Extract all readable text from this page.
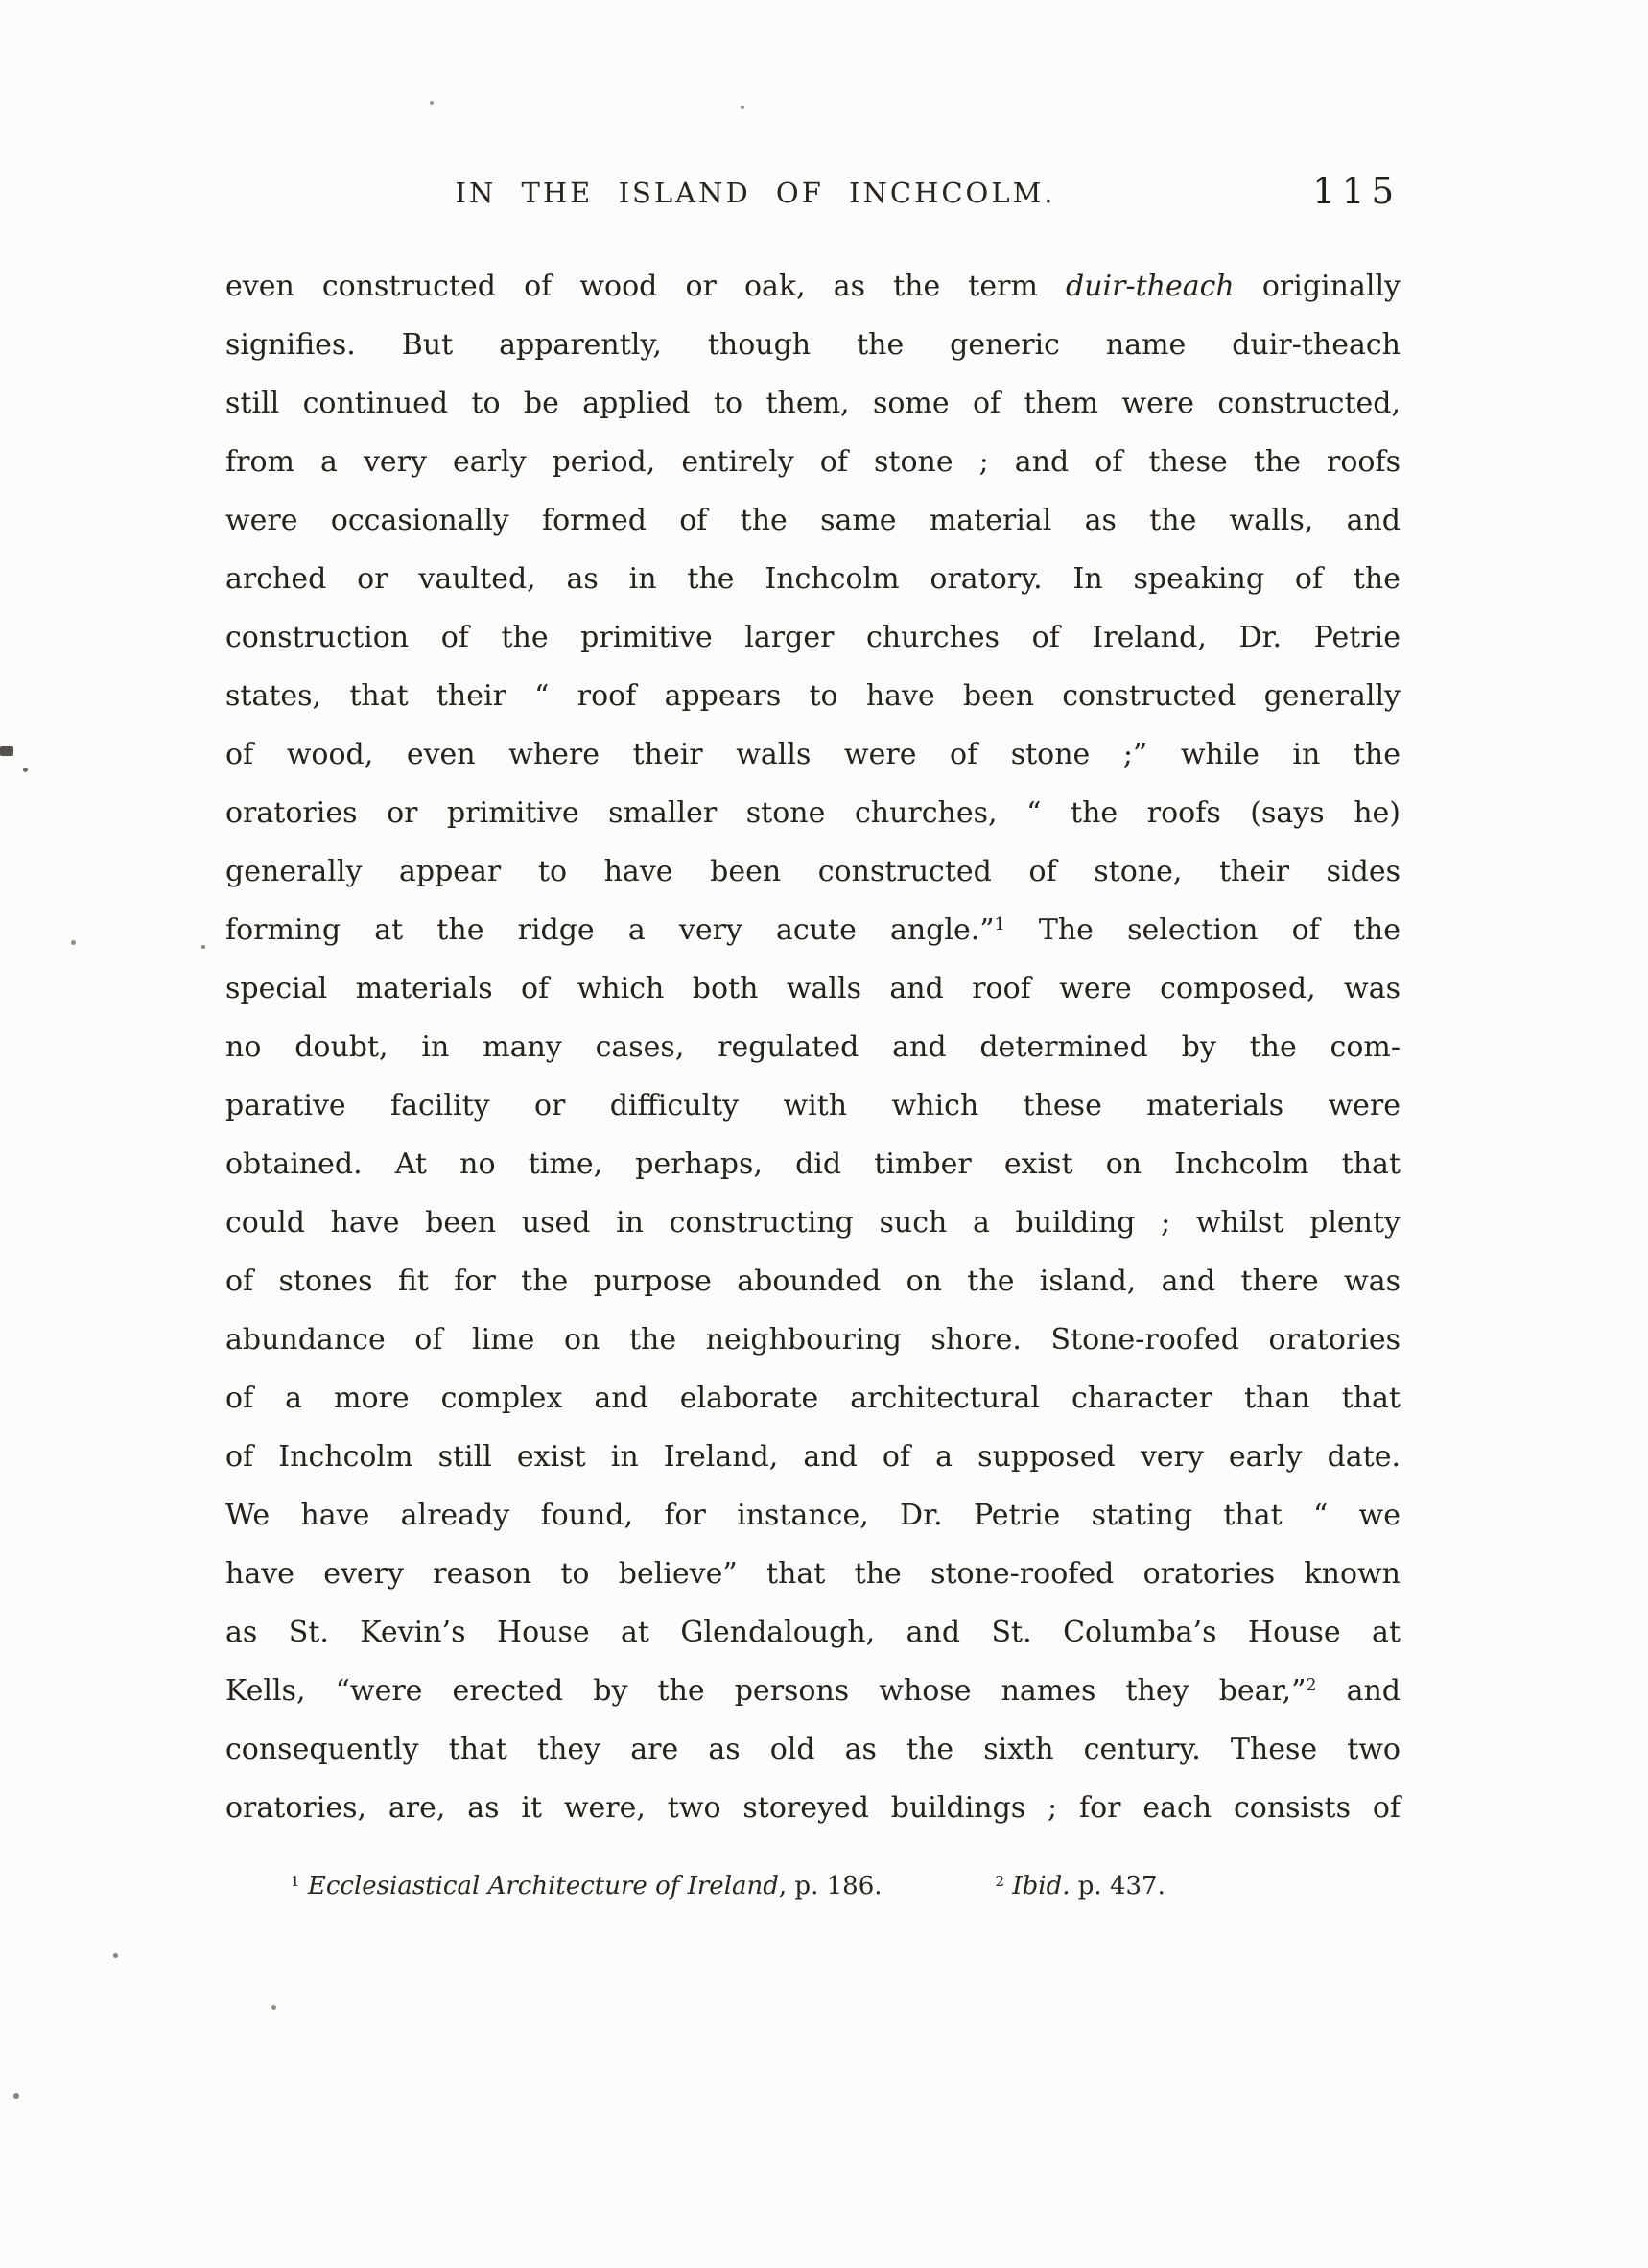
IN THE ISLAND OF INCHCOLM.	115
even constructed of wood or oak, as the term duir-theach originally
signifies. But apparently, though the generic name duir-theach
still continued to be applied to them, some of them were constructed,
from a very early period, entirely of stone ; and of these the roofs
were occasionally formed of the same material as the walls, and
arched or vaulted, as in the Inchcolm oratory. In speaking of the
construction of the primitive larger churches of Ireland, Dr. Petrie
states, that their “ roof appears to have been constructed generally
of wood, even where their walls were of stone ;” while in the
oratories or primitive smaller stone churches, “ the roofs (says he)
generally appear to have been constructed of stone, their sides
forming at the ridge a very acute angle.”$^1$ The selection of the
special materials of which both walls and roof were composed, was
no doubt, in many cases, regulated and determined by the com-
parative facility or difficulty with which these materials were
obtained. At no time, perhaps, did timber exist on Inchcolm that
could have been used in constructing such a building ; whilst plenty
of stones fit for the purpose abounded on the island, and there was
abundance of lime on the neighbouring shore. Stone-roofed oratories
of a more complex and elaborate architectural character than that
of Inchcolm still exist in Ireland, and of a supposed very early date.
We have already found, for instance, Dr. Petrie stating that “ we
have every reason to believe” that the stone-roofed oratories known
as St. Kevin’s House at Glendalough, and St. Columba’s House at
Kells, “were erected by the persons whose names they bear,”$^2$ and
consequently that they are as old as the sixth century. These two
oratories, are, as it were, two storeyed buildings ; for each consists of
$^1$ Ecclesiastical Architecture of Ireland, p. 186.	$^2$ Ibid. p. 437.
